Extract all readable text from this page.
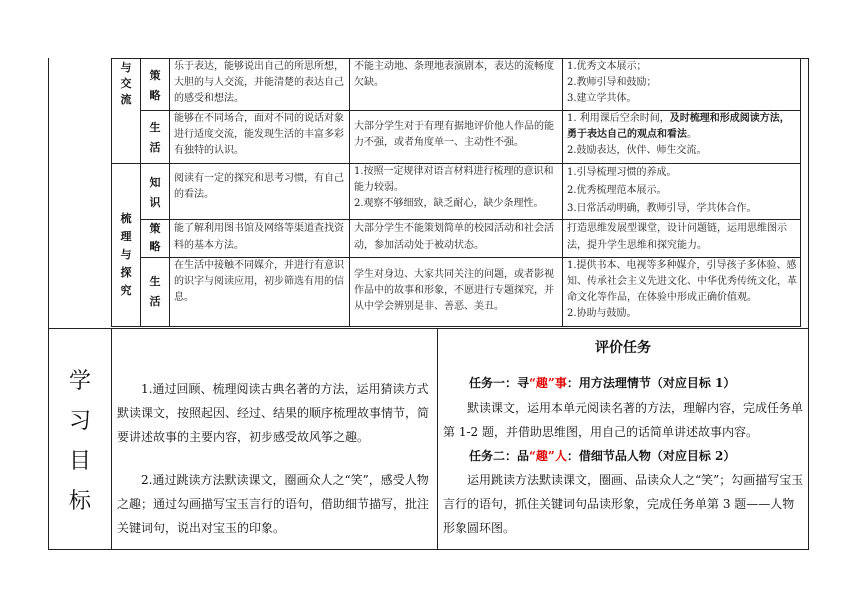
与
交
流
梳
理
与
探
究
策
略
乐于表达，能够说出自己的所思所想，大胆的与人交流，并能清楚的表达自己的感受和想法。
不能主动地、条理地表演剧本，表达的流畅度欠缺。
1.优秀文本展示；
2.教师引导和鼓励；
3.建立学共体。
生
活
能够在不同场合，面对不同的说话对象进行适度交流，能发现生活的丰富多彩有独特的认识。
大部分学生对于有理有据地评价他人作品的能力不强，或者角度单一、主动性不强。
1. 利用课后空余时间，及时梳理和形成阅读方法，勇于表达自己的观点和看法。
2.鼓励表达，伙伴、师生交流。
知
识
阅读有一定的探究和思考习惯，有自己的看法。
1.按照一定规律对语言材料进行梳理的意识和能力较弱。
2.观察不够细致，缺乏耐心，缺少条理性。
1.引导梳理习惯的养成。
2.优秀梳理范本展示。
3.日常活动明确，教师引导，学共体合作。
策
略
能了解利用图书馆及网络等渠道查找资料的基本方法。
大部分学生不能策划简单的校园活动和社会活动，参加活动处于被动状态。
打造思维发展型课堂，设计问题链，运用思维图示法，提升学生思维和探究能力。
生
活
在生活中接触不同媒介，并进行有意识的识字与阅读应用，初步筛选有用的信息。
学生对身边、大家共同关注的问题，或者影视作品中的故事和形象，不愿进行专题探究，并从中学会辨别是非、善恶、美丑。
1.提供书本、电视等多种媒介，引导孩子多体验、感知、传承社会主义先进文化、中华优秀传统文化，革命文化等作品，在体验中形成正确价值观。
2.协助与鼓励。
学
习
目
标
1.通过回顾、梳理阅读古典名著的方法，运用猜读方式默读课文，按照起因、经过、结果的顺序梳理故事情节，简要讲述故事的主要内容，初步感受故风筝之趣。
2.通过跳读方法默读课文，圈画众人之“笑”，感受人物之趣；通过勾画描写宝玉言行的语句，借助细节描写，批注关键词句，说出对宝玉的印象。
评价任务
任务一：寻“趣”事：用方法理情节（对应目标 1）
默读课文，运用本单元阅读名著的方法，理解内容，完成任务单第 1-2 题，并借助思维图，用自己的话简单讲述故事内容。
任务二：品“趣”人：借细节品人物（对应目标 2）
运用跳读方法默读课文，圈画、品读众人之“笑”；勾画描写宝玉言行的语句，抓住关键词句品读形象，完成任务单第 3 题——人物形象圆环图。
